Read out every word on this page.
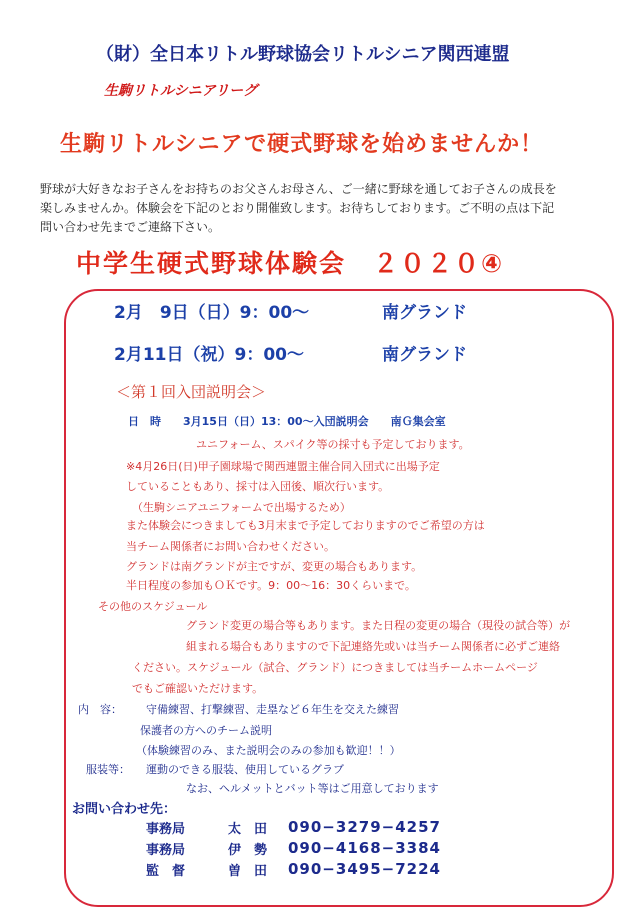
（財）全日本リトル野球協会リトルシニア関西連盟
生駒リトルシニアリーグ
生駒リトルシニアで硬式野球を始めませんか！
野球が大好きなお子さんをお持ちのお父さんお母さん、ご一緒に野球を通してお子さんの成長を
楽しみませんか。体験会を下記のとおり開催致します。お待ちしております。ご不明の点は下記
問い合わせ先までご連絡下さい。
中学生硬式野球体験会　２０２０④
2月　9日（日）9：00～	南グランド
2月11日（祝）9：00～	南グランド
＜第１回入団説明会＞
日　時　　3月15日（日）13：00～入団説明会　　南Ｇ集会室
ユニフォーム、スパイク等の採寸も予定しております。
※4月26日(日)甲子園球場で関西連盟主催合同入団式に出場予定
していることもあり、採寸は入団後、順次行います。
（生駒シニアユニフォームで出場するため）
また体験会につきましても3月末まで予定しておりますのでご希望の方は
当チーム関係者にお問い合わせください。
グランドは南グランドが主ですが、変更の場合もあります。
半日程度の参加もＯＫです。9：00～16：30くらいまで。
その他のスケジュール
グランド変更の場合等もあります。また日程の変更の場合（現役の試合等）が
組まれる場合もありますので下記連絡先或いは当チーム関係者に必ずご連絡
ください。スケジュール（試合、グランド）につきましては当チームホームページ
でもご確認いただけます。
内　容： 守備練習、打撃練習、走塁など６年生を交えた練習
保護者の方へのチーム説明
（体験練習のみ、また説明会のみの参加も歓迎！！）
服装等： 運動のできる服装、使用しているグラブ
なお、ヘルメットとバット等はご用意しております
お問い合わせ先：
事務局	太　田 090−3279−4257
事務局	伊　勢 090−4168−3384
監　督	曽　田 090−3495−7224
